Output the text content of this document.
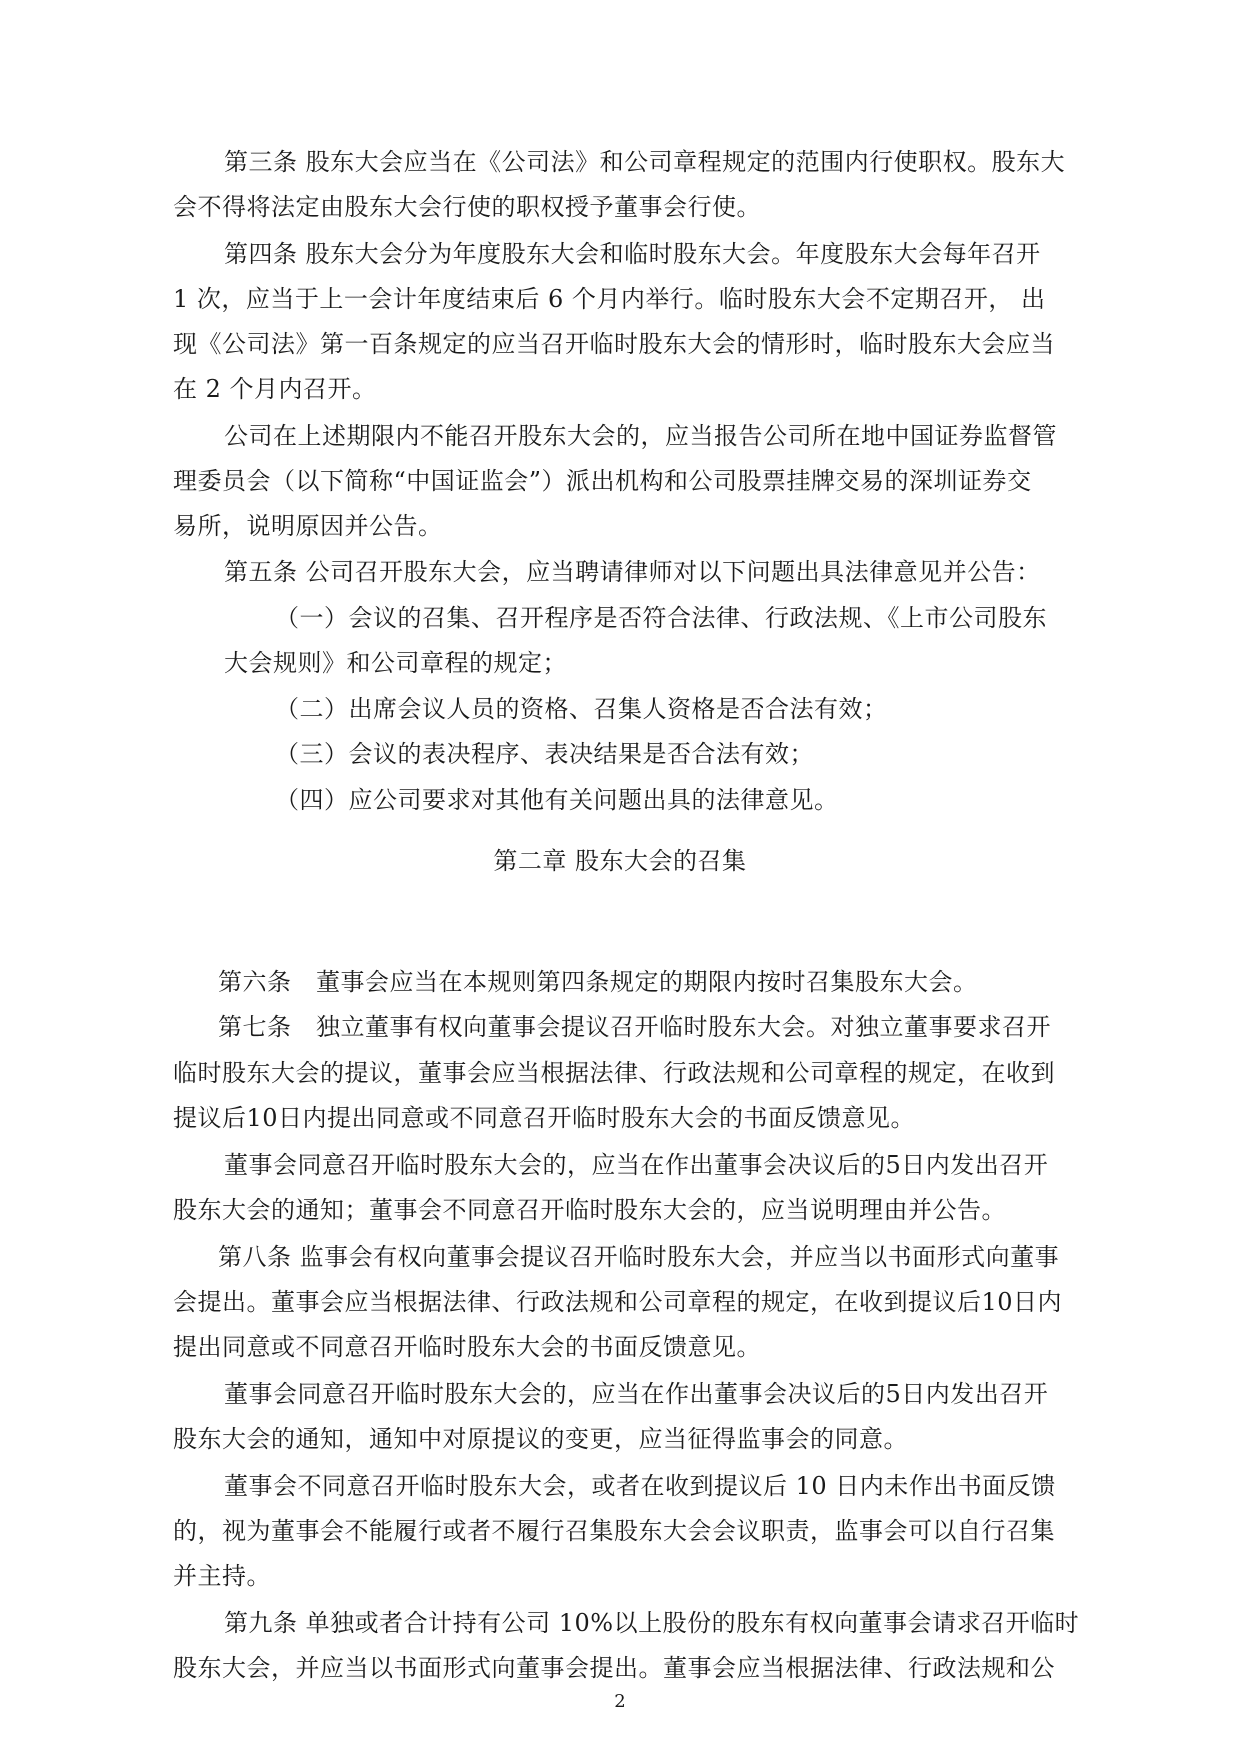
第三条 股东大会应当在《公司法》和公司章程规定的范围内行使职权。股东大
会不得将法定由股东大会行使的职权授予董事会行使。
第四条 股东大会分为年度股东大会和临时股东大会。年度股东大会每年召开
1 次，应当于上一会计年度结束后 6 个月内举行。临时股东大会不定期召开， 出
现《公司法》第一百条规定的应当召开临时股东大会的情形时，临时股东大会应当
在 2 个月内召开。
公司在上述期限内不能召开股东大会的，应当报告公司所在地中国证券监督管
理委员会（以下简称“中国证监会”）派出机构和公司股票挂牌交易的深圳证券交
易所，说明原因并公告。
第五条 公司召开股东大会，应当聘请律师对以下问题出具法律意见并公告：
（一）会议的召集、召开程序是否符合法律、行政法规、《上市公司股东
大会规则》和公司章程的规定；
（二）出席会议人员的资格、召集人资格是否合法有效；
（三）会议的表决程序、表决结果是否合法有效；
（四）应公司要求对其他有关问题出具的法律意见。
第二章 股东大会的召集
第六条　董事会应当在本规则第四条规定的期限内按时召集股东大会。
第七条　独立董事有权向董事会提议召开临时股东大会。对独立董事要求召开
临时股东大会的提议，董事会应当根据法律、行政法规和公司章程的规定，在收到
提议后10日内提出同意或不同意召开临时股东大会的书面反馈意见。
董事会同意召开临时股东大会的，应当在作出董事会决议后的5日内发出召开
股东大会的通知；董事会不同意召开临时股东大会的，应当说明理由并公告。
第八条 监事会有权向董事会提议召开临时股东大会，并应当以书面形式向董事
会提出。董事会应当根据法律、行政法规和公司章程的规定，在收到提议后10日内
提出同意或不同意召开临时股东大会的书面反馈意见。
董事会同意召开临时股东大会的，应当在作出董事会决议后的5日内发出召开
股东大会的通知，通知中对原提议的变更，应当征得监事会的同意。
董事会不同意召开临时股东大会，或者在收到提议后 10 日内未作出书面反馈
的，视为董事会不能履行或者不履行召集股东大会会议职责，监事会可以自行召集
并主持。
第九条 单独或者合计持有公司 10%以上股份的股东有权向董事会请求召开临时
股东大会，并应当以书面形式向董事会提出。董事会应当根据法律、行政法规和公
2
